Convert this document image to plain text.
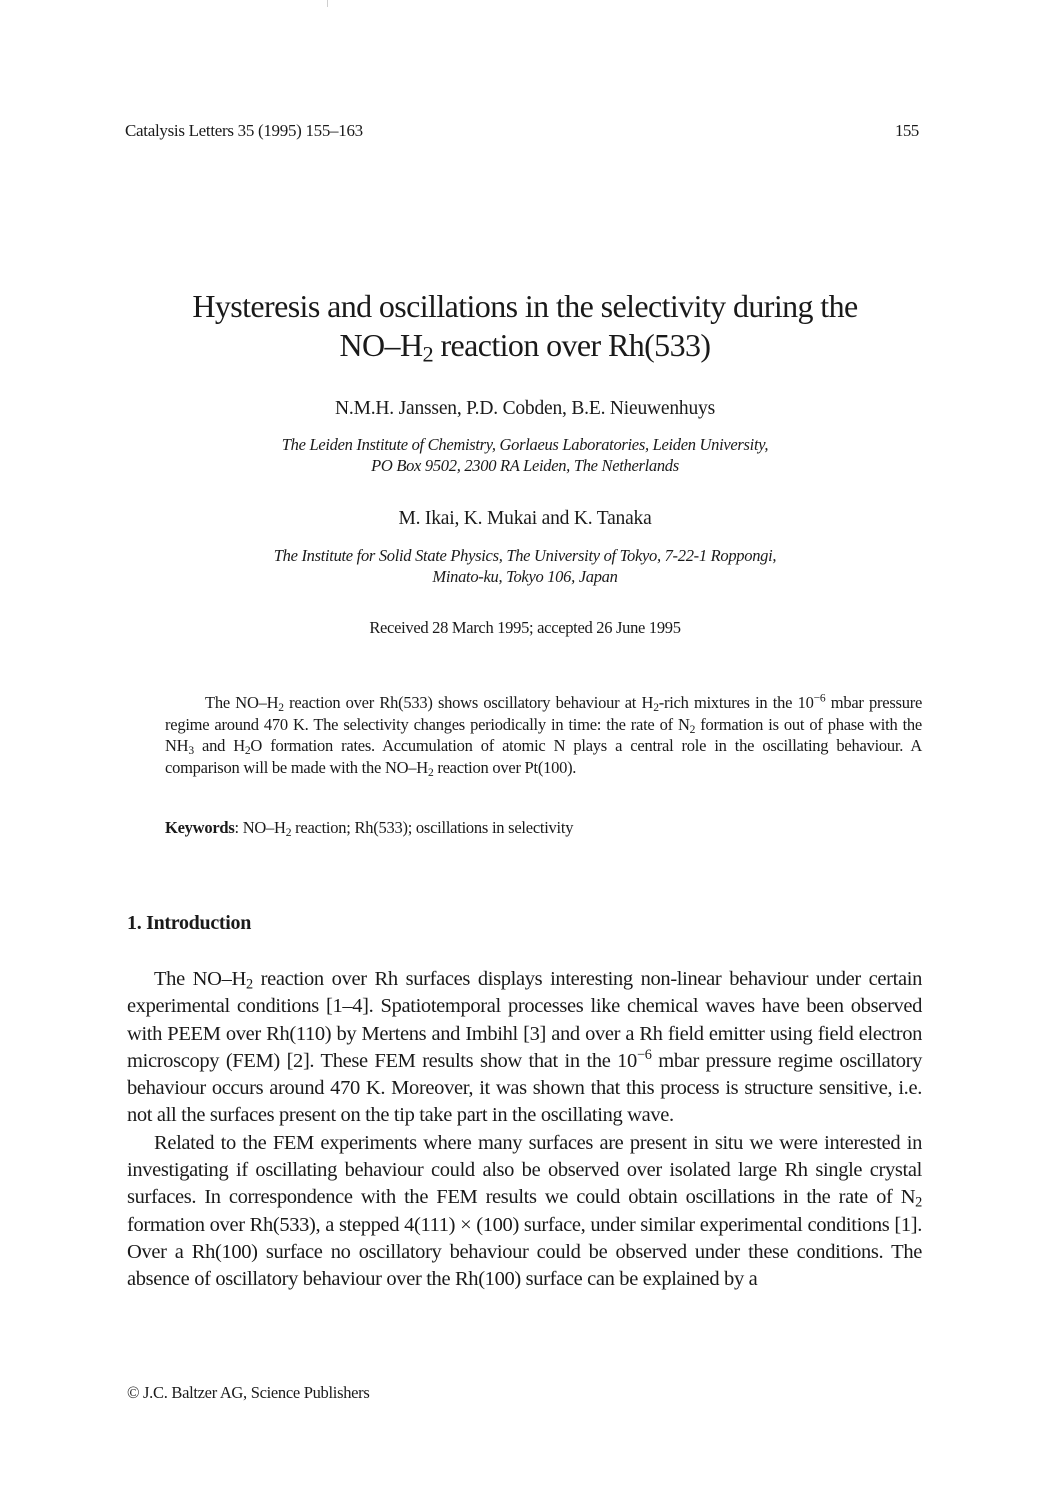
Catalysis Letters 35 (1995) 155–163	155
Hysteresis and oscillations in the selectivity during the
$NO-H_2$ reaction over Rh(533)
N.M.H. Janssen, P.D. Cobden, B.E. Nieuwenhuys
The Leiden Institute of Chemistry, Gorlaeus Laboratories, Leiden University,
PO Box 9502, 2300 RA Leiden, The Netherlands
M. Ikai, K. Mukai and K. Tanaka
The Institute for Solid State Physics, The University of Tokyo, 7-22-1 Roppongi,
Minato-ku, Tokyo 106, Japan
Received 28 March 1995; accepted 26 June 1995
The $NO-H_2$ reaction over Rh(533) shows oscillatory behaviour at $H_2$-rich mixtures in the $10^{-6}$ mbar pressure regime around 470 K. The selectivity changes periodically in time: the rate of $N_2$ formation is out of phase with the $NH_3$ and $H_2O$ formation rates. Accumulation of atomic N plays a central role in the oscillating behaviour. A comparison will be made with the $NO-H_2$ reaction over Pt(100).
Keywords: $NO-H_2$ reaction; Rh(533); oscillations in selectivity
1. Introduction

The $NO-H_2$ reaction over Rh surfaces displays interesting non-linear behaviour under certain experimental conditions [1–4]. Spatiotemporal processes like chemical waves have been observed with PEEM over Rh(110) by Mertens and Imbihl [3] and over a Rh field emitter using field electron microscopy (FEM) [2]. These FEM results show that in the $10^{-6}$ mbar pressure regime oscillatory behaviour occurs around 470 K. Moreover, it was shown that this process is structure sensitive, i.e. not all the surfaces present on the tip take part in the oscillating wave.

Related to the FEM experiments where many surfaces are present in situ we were interested in investigating if oscillating behaviour could also be observed over isolated large Rh single crystal surfaces. In correspondence with the FEM results we could obtain oscillations in the rate of $N_2$ formation over Rh(533), a stepped 4(111) × (100) surface, under similar experimental conditions [1]. Over a Rh(100) surface no oscillatory behaviour could be observed under these conditions. The absence of oscillatory behaviour over the Rh(100) surface can be explained by a

© J.C. Baltzer AG, Science Publishers
